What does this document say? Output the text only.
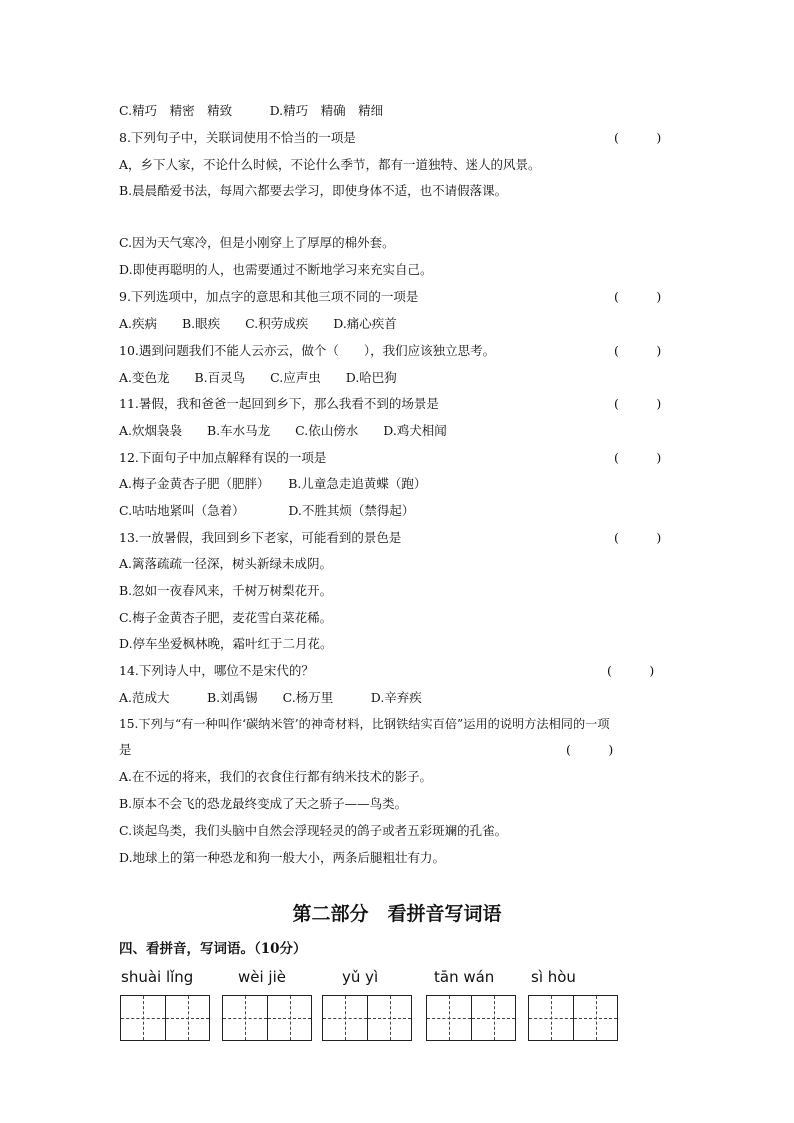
C.精巧　精密　精致　　　D.精巧　精确　精细
8.下列句子中，关联词使用不恰当的一项是	(　　　)
A，乡下人家，不论什么时候，不论什么季节，都有一道独特、迷人的风景。
B.晨晨酷爱书法，每周六都要去学习，即使身体不适，也不请假落课。
C.因为天气寒冷，但是小刚穿上了厚厚的棉外套。
D.即使再聪明的人，也需要通过不断地学习来充实自己。
9.下列选项中，加点字的意思和其他三项不同的一项是	(　　　)
A.疾病　　B.眼疾　　C.积劳成疾　　D.痛心疾首
10.遇到问题我们不能人云亦云，做个（　　），我们应该独立思考。	(　　　)
A.变色龙　　B.百灵鸟　　C.应声虫　　D.哈巴狗
11.暑假，我和爸爸一起回到乡下，那么我看不到的场景是	(　　　)
A.炊烟袅袅　　B.车水马龙　　C.依山傍水　　D.鸡犬相闻
12.下面句子中加点解释有误的一项是	(　　　)
A.梅子金黄杏子肥（肥胖）　　B.儿童急走追黄蝶（跑）
C.咕咕地紧叫（急着）　　　　D.不胜其烦（禁得起）
13.一放暑假，我回到乡下老家，可能看到的景色是	(　　　)
A.篱落疏疏一径深，树头新绿未成阴。
B.忽如一夜春风来，千树万树梨花开。
C.梅子金黄杏子肥，麦花雪白菜花稀。
D.停车坐爱枫林晚，霜叶红于二月花。
14.下列诗人中，哪位不是宋代的？	(　　　)
A.范成大　　　B.刘禹锡　　C.杨万里　　　D.辛弃疾
15.下列与“有一种叫作‘碳纳米管’的神奇材料，比钢铁结实百倍”运用的说明方法相同的一项
是	(　　　)
A.在不远的将来，我们的衣食住行都有纳米技术的影子。
B.原本不会飞的恐龙最终变成了天之骄子——鸟类。
C.谈起鸟类，我们头脑中自然会浮现轻灵的鸽子或者五彩斑斓的孔雀。
D.地球上的第一种恐龙和狗一般大小，两条后腿粗壮有力。
第二部分　看拼音写词语
四、看拼音，写词语。（10分）
shuài lǐng	wèi jiè	yǔ yì	tān wán sì hòu
